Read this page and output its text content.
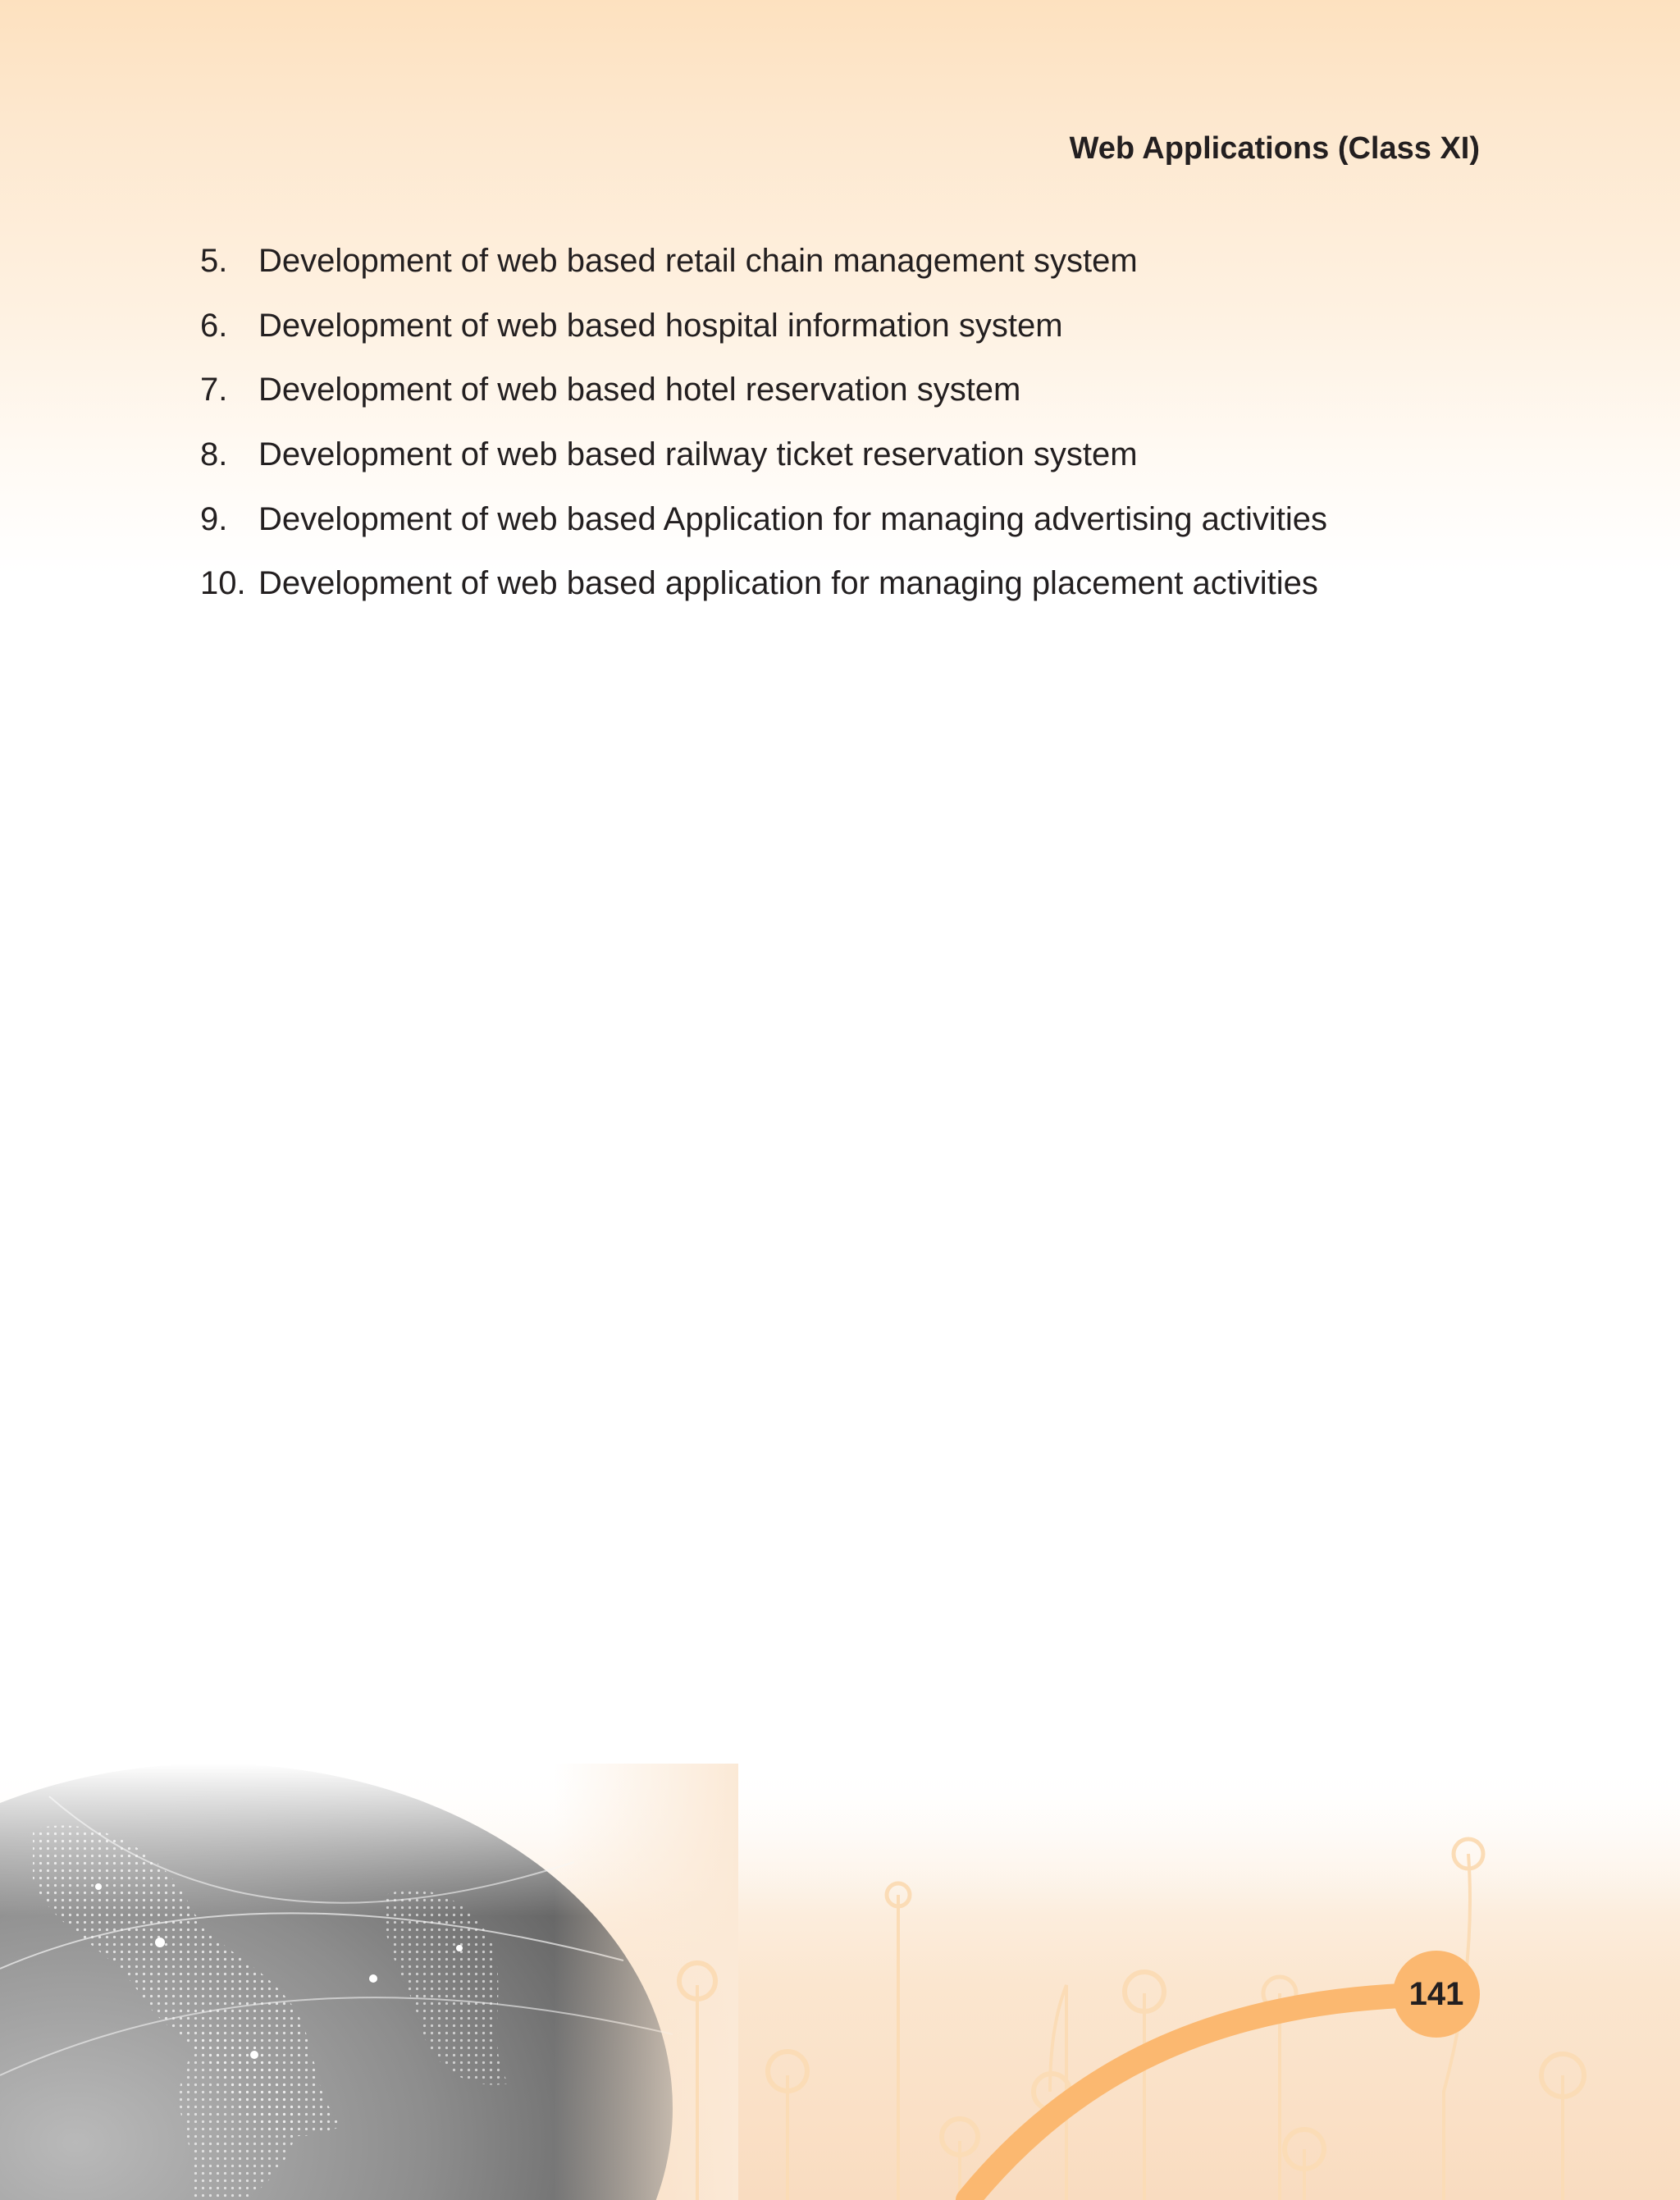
Web Applications (Class XI)
5. Development of web based retail chain management system
6. Development of web based hospital information system
7. Development of web based hotel reservation system
8. Development of web based railway ticket reservation system
9. Development of web based Application for managing advertising activities
10. Development of web based application for managing placement activities

141
